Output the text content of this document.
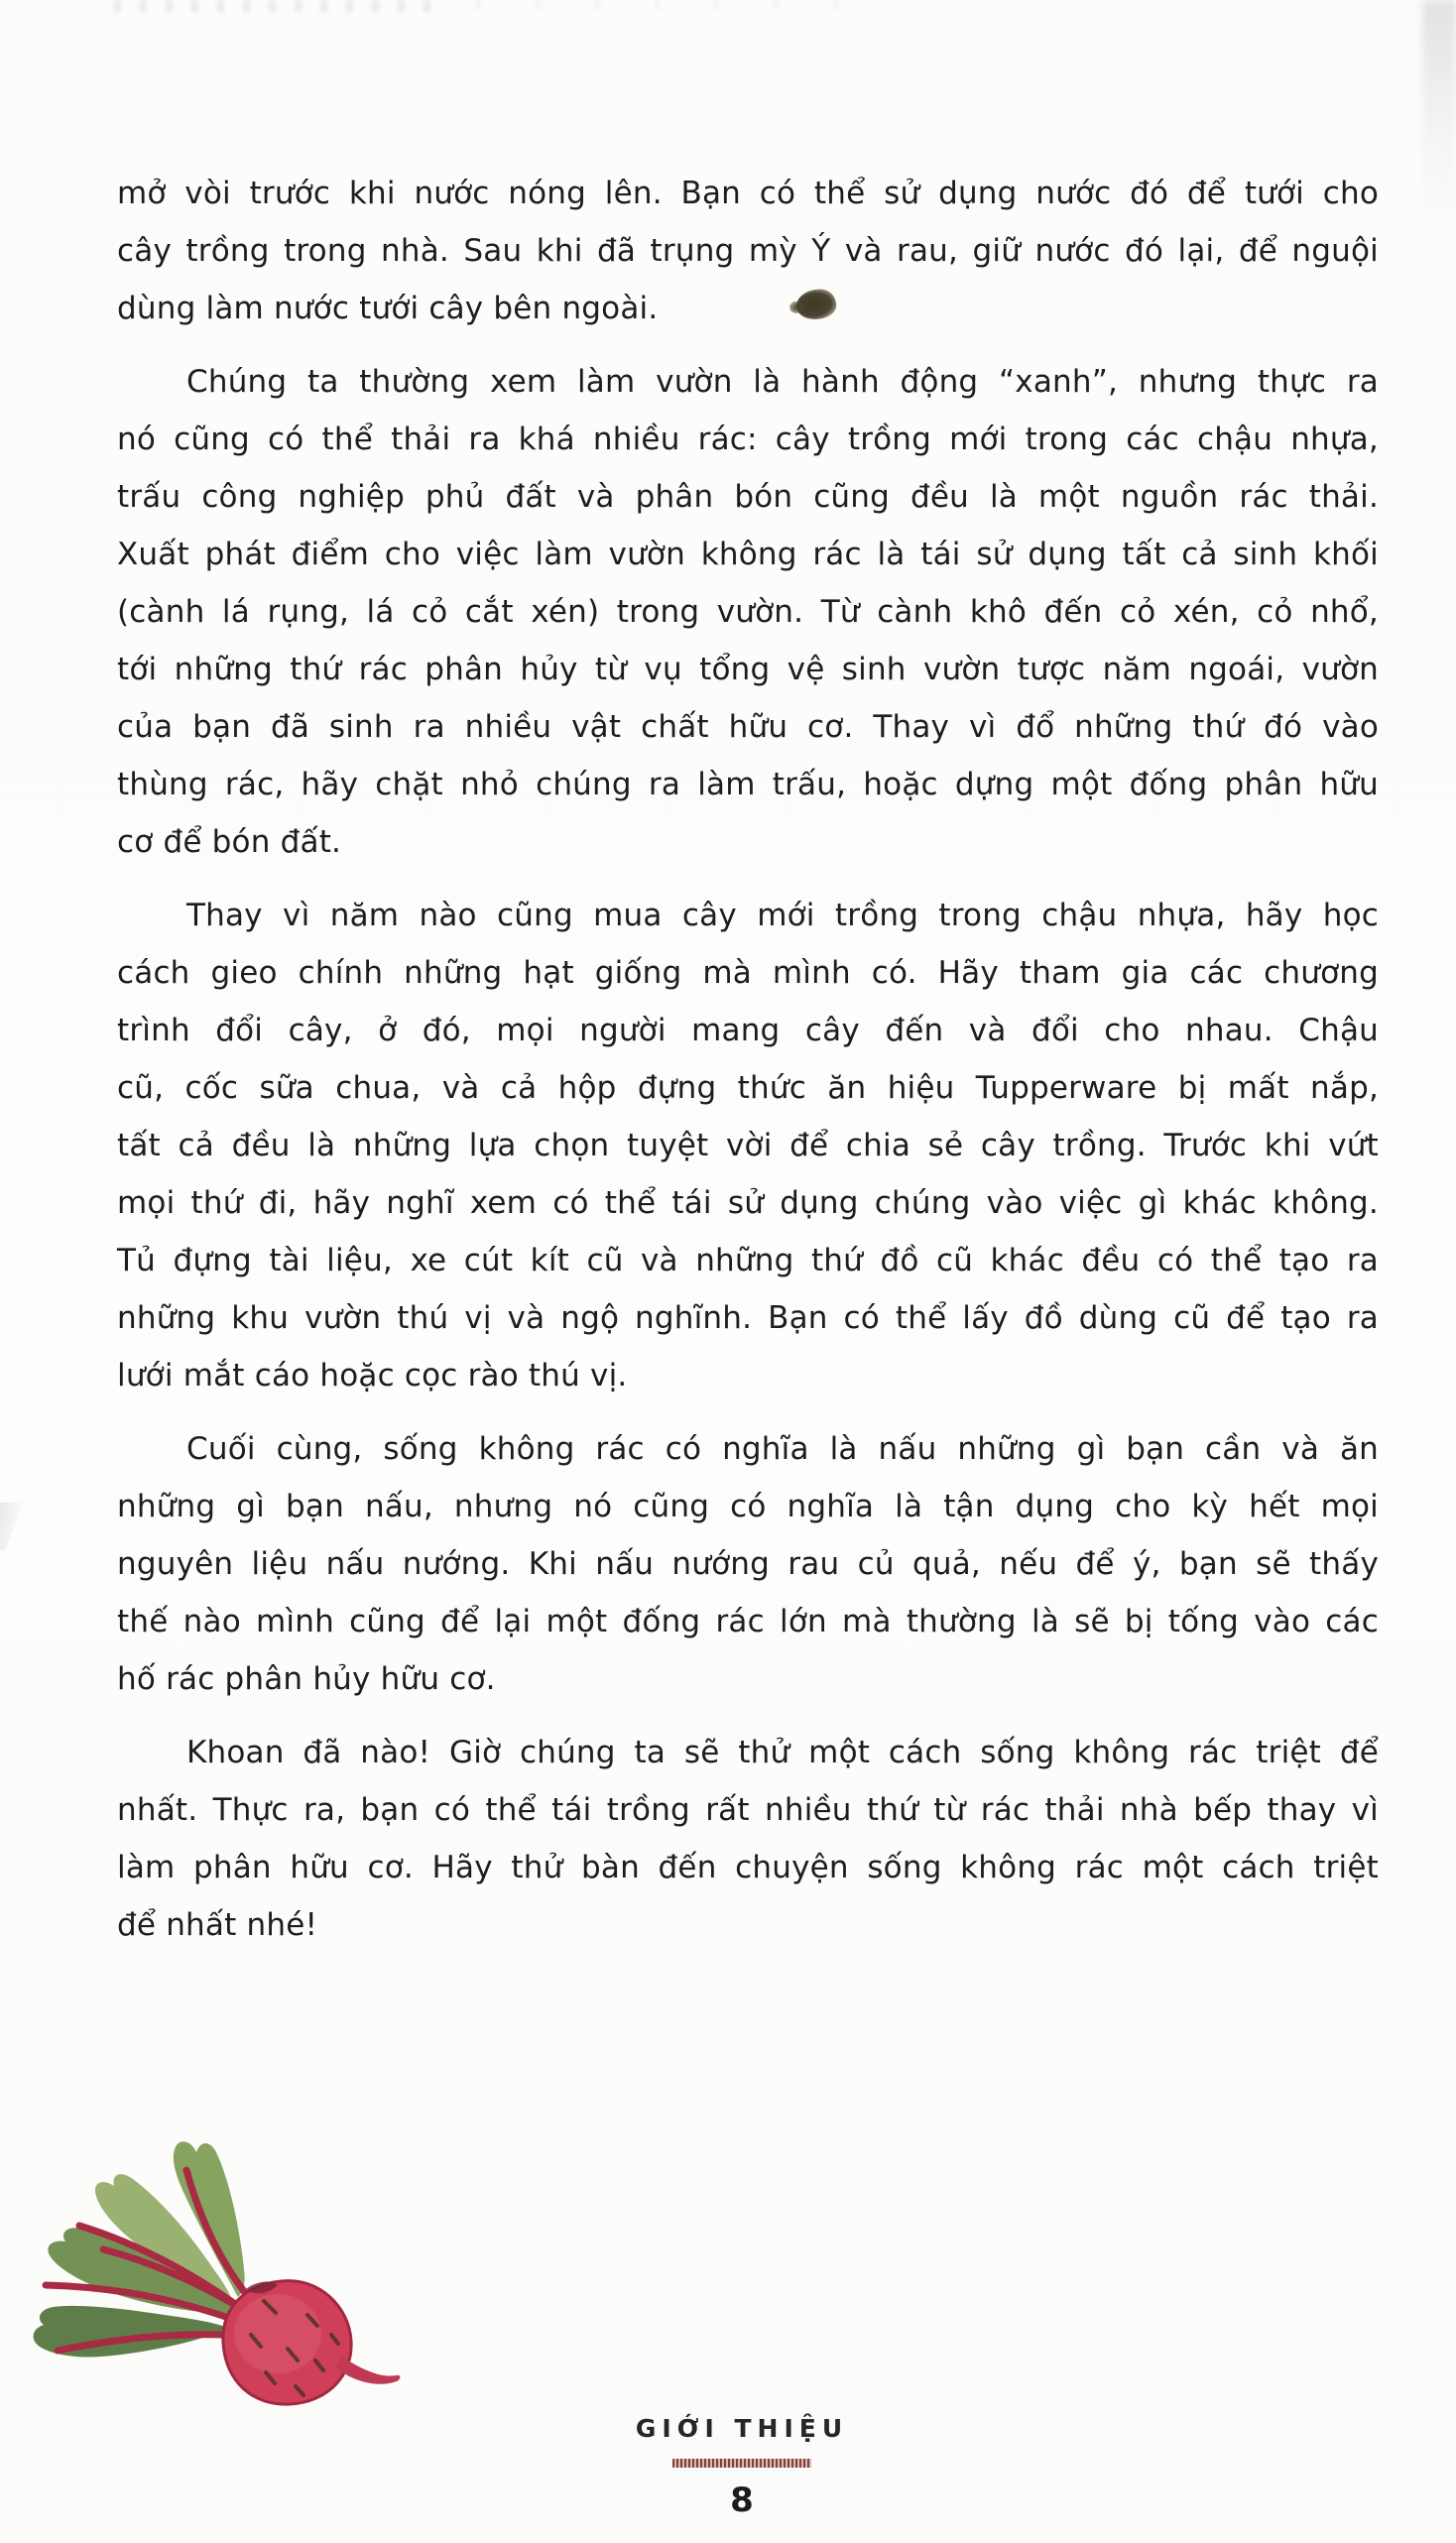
mở vòi trước khi nước nóng lên. Bạn có thể sử dụng nước đó để tưới cho
cây trồng trong nhà. Sau khi đã trụng mỳ Ý và rau, giữ nước đó lại, để nguội
dùng làm nước tưới cây bên ngoài.
Chúng ta thường xem làm vườn là hành động “xanh”, nhưng thực ra
nó cũng có thể thải ra khá nhiều rác: cây trồng mới trong các chậu nhựa,
trấu công nghiệp phủ đất và phân bón cũng đều là một nguồn rác thải.
Xuất phát điểm cho việc làm vườn không rác là tái sử dụng tất cả sinh khối
(cành lá rụng, lá cỏ cắt xén) trong vườn. Từ cành khô đến cỏ xén, cỏ nhổ,
tới những thứ rác phân hủy từ vụ tổng vệ sinh vườn tược năm ngoái, vườn
của bạn đã sinh ra nhiều vật chất hữu cơ. Thay vì đổ những thứ đó vào
thùng rác, hãy chặt nhỏ chúng ra làm trấu, hoặc dựng một đống phân hữu
cơ để bón đất.
Thay vì năm nào cũng mua cây mới trồng trong chậu nhựa, hãy học
cách gieo chính những hạt giống mà mình có. Hãy tham gia các chương
trình đổi cây, ở đó, mọi người mang cây đến và đổi cho nhau. Chậu
cũ, cốc sữa chua, và cả hộp đựng thức ăn hiệu Tupperware bị mất nắp,
tất cả đều là những lựa chọn tuyệt vời để chia sẻ cây trồng. Trước khi vứt
mọi thứ đi, hãy nghĩ xem có thể tái sử dụng chúng vào việc gì khác không.
Tủ đựng tài liệu, xe cút kít cũ và những thứ đồ cũ khác đều có thể tạo ra
những khu vườn thú vị và ngộ nghĩnh. Bạn có thể lấy đồ dùng cũ để tạo ra
lưới mắt cáo hoặc cọc rào thú vị.
Cuối cùng, sống không rác có nghĩa là nấu những gì bạn cần và ăn
những gì bạn nấu, nhưng nó cũng có nghĩa là tận dụng cho kỳ hết mọi
nguyên liệu nấu nướng. Khi nấu nướng rau củ quả, nếu để ý, bạn sẽ thấy
thế nào mình cũng để lại một đống rác lớn mà thường là sẽ bị tống vào các
hố rác phân hủy hữu cơ.
Khoan đã nào! Giờ chúng ta sẽ thử một cách sống không rác triệt để
nhất. Thực ra, bạn có thể tái trồng rất nhiều thứ từ rác thải nhà bếp thay vì
làm phân hữu cơ. Hãy thử bàn đến chuyện sống không rác một cách triệt
để nhất nhé!
GIỚI THIỆU
8
